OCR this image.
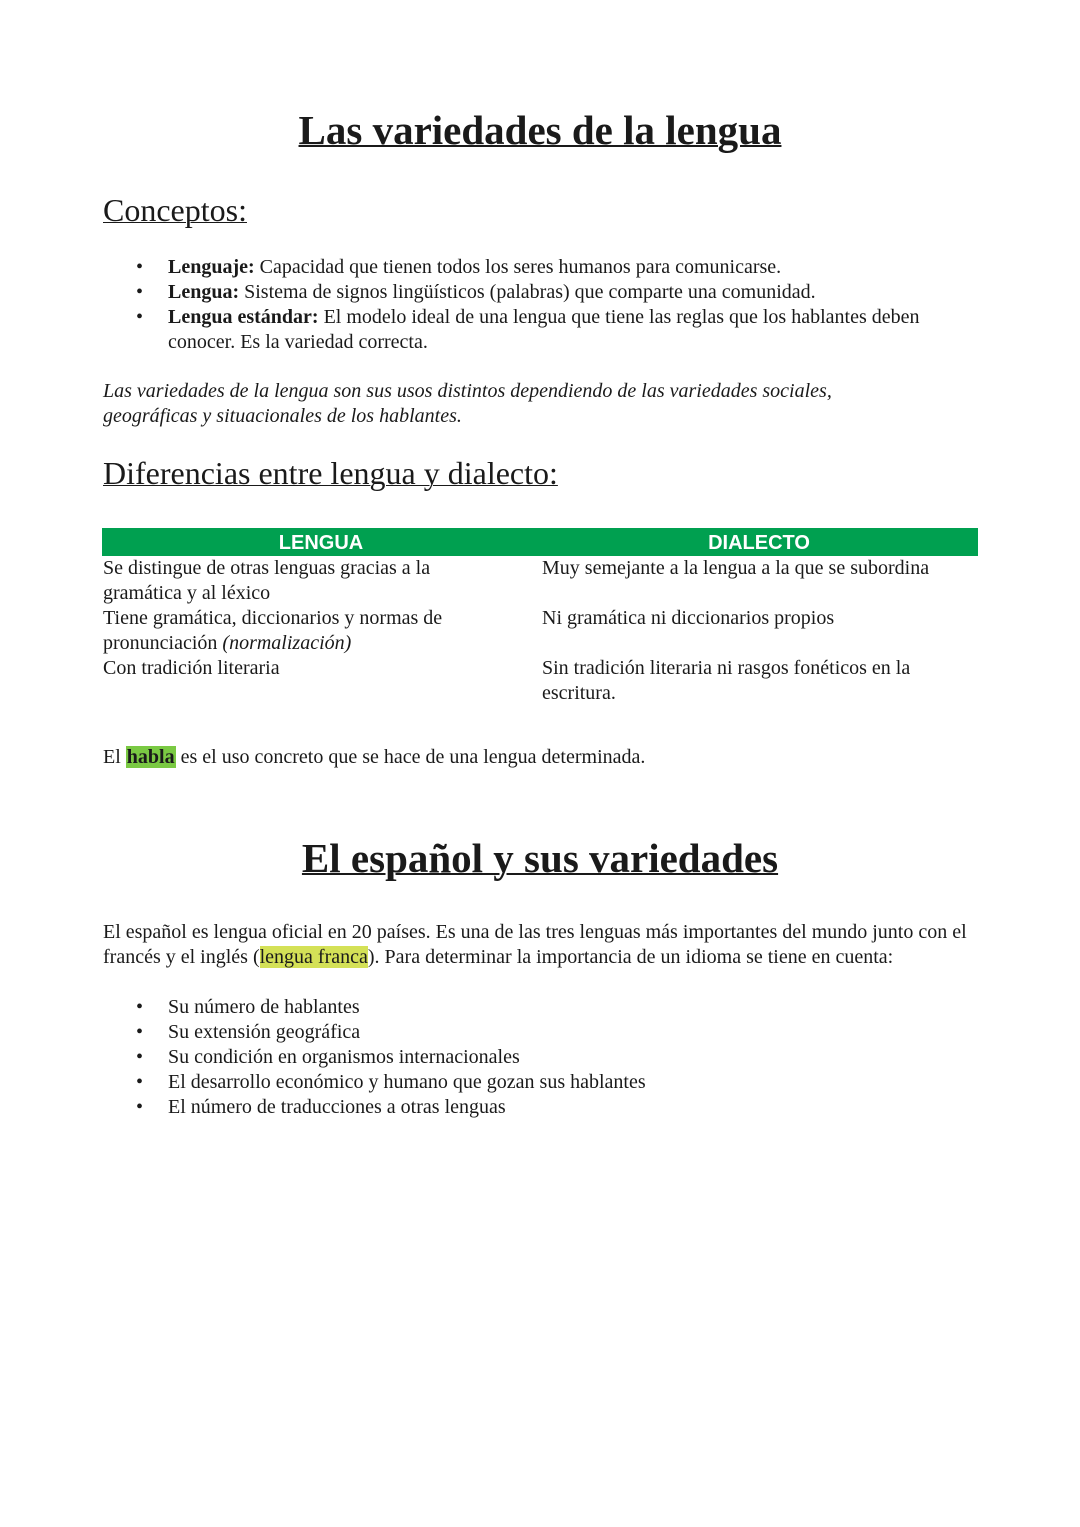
Las variedades de la lengua
Conceptos:
• Lenguaje: Capacidad que tienen todos los seres humanos para comunicarse.
• Lengua: Sistema de signos lingüísticos (palabras) que comparte una comunidad.
• Lengua estándar: El modelo ideal de una lengua que tiene las reglas que los hablantes deben conocer. Es la variedad correcta.
Las variedades de la lengua son sus usos distintos dependiendo de las variedades sociales, geográficas y situacionales de los hablantes.
Diferencias entre lengua y dialecto:
LENGUA	DIALECTO
Se distingue de otras lenguas gracias a la gramática y al léxico
Muy semejante a la lengua a la que se subordina
Tiene gramática, diccionarios y normas de pronunciación (normalización)
Ni gramática ni diccionarios propios
Con tradición literaria	Sin tradición literaria ni rasgos fonéticos en la escritura.
El habla es el uso concreto que se hace de una lengua determinada.
El español y sus variedades
El español es lengua oficial en 20 países. Es una de las tres lenguas más importantes del mundo junto con el francés y el inglés (lengua franca). Para determinar la importancia de un idioma se tiene en cuenta:
• Su número de hablantes
• Su extensión geográfica
• Su condición en organismos internacionales
• El desarrollo económico y humano que gozan sus hablantes
• El número de traducciones a otras lenguas
